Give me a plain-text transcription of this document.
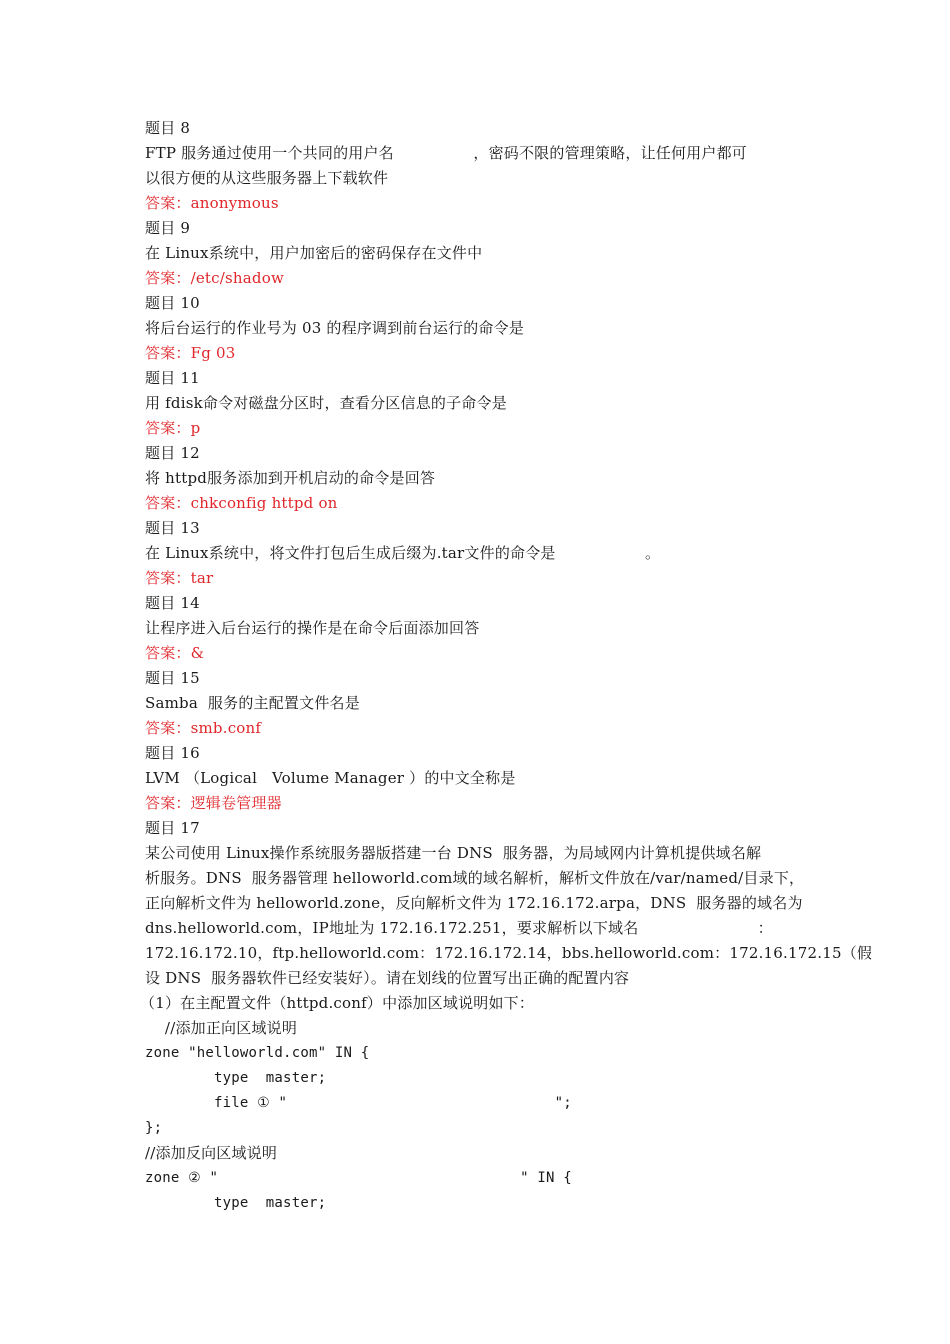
题目 8
FTP 服务通过使用一个共同的用户名                ，密码不限的管理策略，让任何用户都可
以很方便的从这些服务器上下载软件
答案：anonymous
题目 9
在 Linux系统中，用户加密后的密码保存在文件中
答案：/etc/shadow
题目 10
将后台运行的作业号为 03 的程序调到前台运行的命令是
答案：Fg 03
题目 11
用 fdisk命令对磁盘分区时，查看分区信息的子命令是
答案：p
题目 12
将 httpd服务添加到开机启动的命令是回答
答案：chkconfig httpd on
题目 13
在 Linux系统中，将文件打包后生成后缀为.tar文件的命令是                  。
答案：tar
题目 14
让程序进入后台运行的操作是在命令后面添加回答
答案：&
题目 15
Samba  服务的主配置文件名是
答案：smb.conf
题目 16
LVM （Logical   Volume Manager ）的中文全称是
答案：逻辑卷管理器
题目 17
某公司使用 Linux操作系统服务器版搭建一台 DNS  服务器，为局域网内计算机提供域名解
析服务。DNS  服务器管理 helloworld.com域的域名解析，解析文件放在/var/named/目录下，
正向解析文件为 helloworld.zone，反向解析文件为 172.16.172.arpa，DNS  服务器的域名为
dns.helloworld.com，IP地址为 172.16.172.251，要求解析以下域名                        ：
172.16.172.10，ftp.helloworld.com：172.16.172.14，bbs.helloworld.com：172.16.172.15（假
设 DNS  服务器软件已经安装好）。请在划线的位置写出正确的配置内容
（1）在主配置文件（httpd.conf）中添加区域说明如下：
//添加正向区域说明
zone "helloworld.com" IN {
type  master;
file ① "                               ";
};
//添加反向区域说明
zone ② "                                   " IN {
type  master;
